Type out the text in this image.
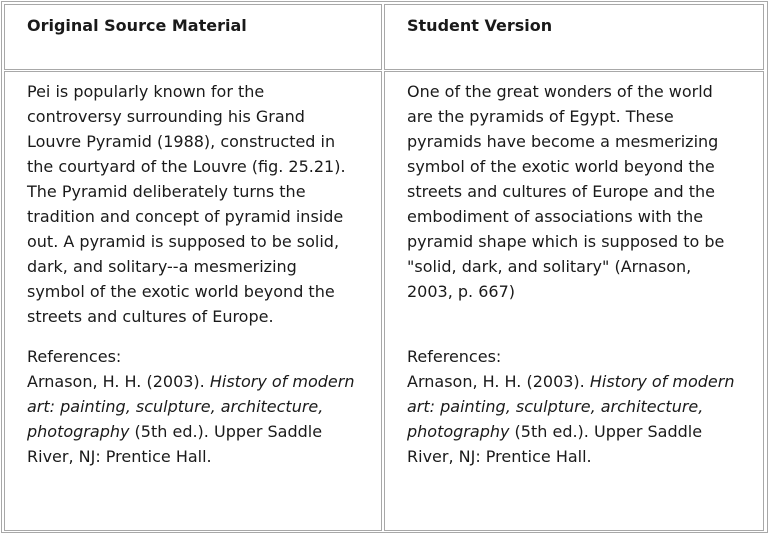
Original Source Material	Student Version

Pei is popularly known for the controversy surrounding his Grand Louvre Pyramid (1988), constructed in the courtyard of the Louvre (fig. 25.21). The Pyramid deliberately turns the tradition and concept of pyramid inside out. A pyramid is supposed to be solid, dark, and solitary--a mesmerizing symbol of the exotic world beyond the streets and cultures of Europe.

References:

Arnason, H. H. (2003). History of modern art: painting, sculpture, architecture, photography (5th ed.). Upper Saddle River, NJ: Prentice Hall.

One of the great wonders of the world are the pyramids of Egypt. These pyramids have become a mesmerizing symbol of the exotic world beyond the streets and cultures of Europe and the embodiment of associations with the pyramid shape which is supposed to be "solid, dark, and solitary" (Arnason, 2003, p. 667)

References:

Arnason, H. H. (2003). History of modern art: painting, sculpture, architecture, photography (5th ed.). Upper Saddle River, NJ: Prentice Hall.
